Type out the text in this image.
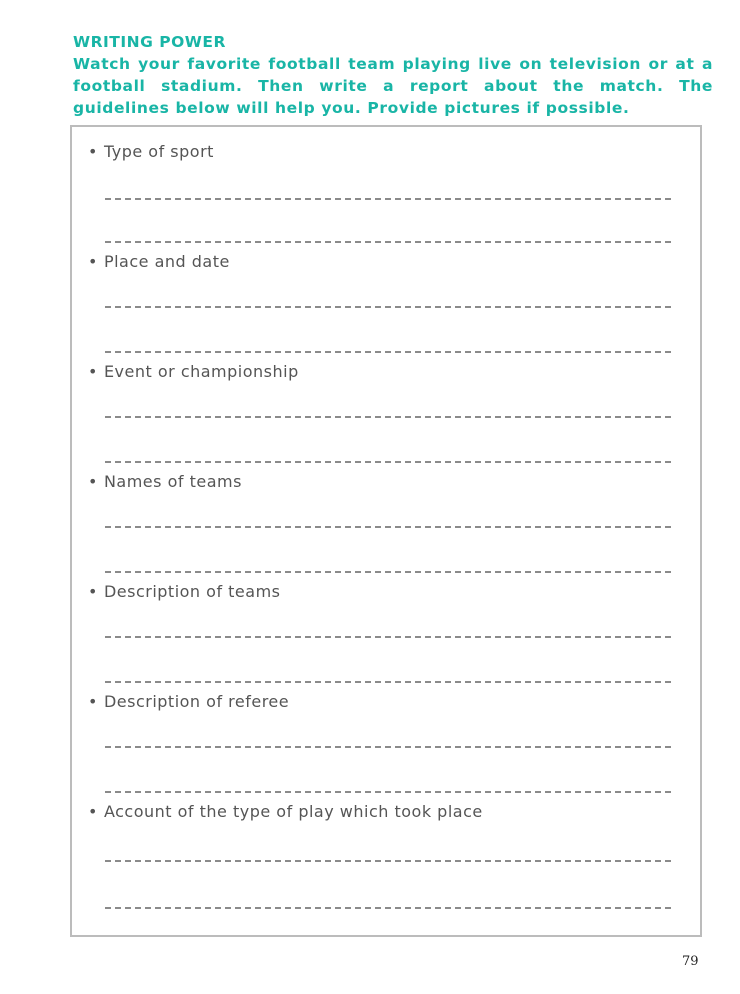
WRITING POWER
Watch your favorite football team playing live on television or at a football stadium. Then write a report about the match. The guidelines below will help you. Provide pictures if possible.
• Type of sport
• Place and date
• Event or championship
• Names of teams
• Description of teams
• Description of referee
• Account of the type of play which took place
79
